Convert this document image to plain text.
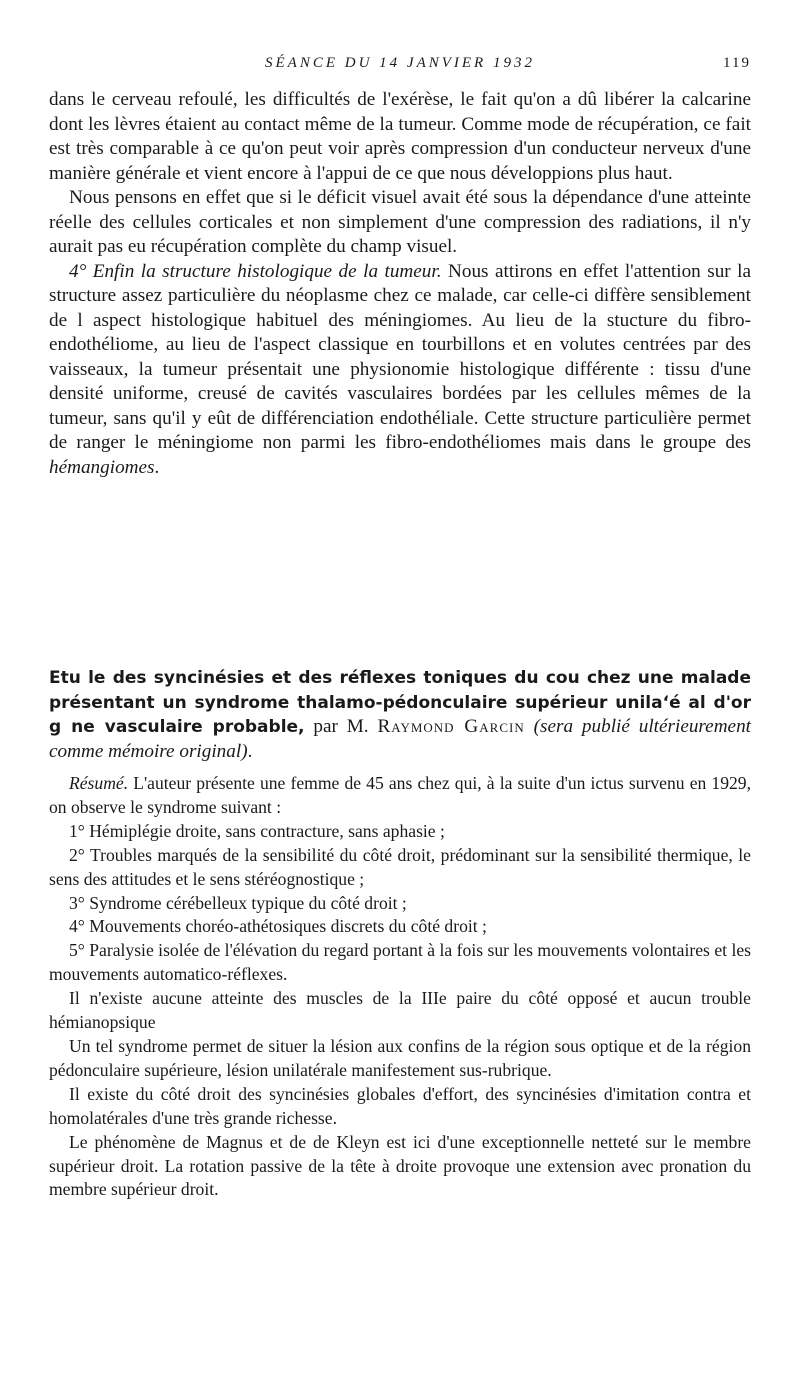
SÉANCE DU 14 JANVIER 1932	119

dans le cerveau refoulé, les difficultés de l'exérèse, le fait qu'on a dû libérer la calcarine dont les lèvres étaient au contact même de la tumeur. Comme mode de récupération, ce fait est très comparable à ce qu'on peut voir après compression d'un conducteur nerveux d'une manière générale et vient encore à l'appui de ce que nous développions plus haut.

Nous pensons en effet que si le déficit visuel avait été sous la dépendance d'une atteinte réelle des cellules corticales et non simplement d'une compression des radiations, il n'y aurait pas eu récupération complète du champ visuel.

4° Enfin la structure histologique de la tumeur. Nous attirons en effet l'attention sur la structure assez particulière du néoplasme chez ce malade, car celle-ci diffère sensiblement de l aspect histologique habituel des méningiomes. Au lieu de la stucture du fibro-endothéliome, au lieu de l'aspect classique en tourbillons et en volutes centrées par des vaisseaux, la tumeur présentait une physionomie histologique différente : tissu d'une densité uniforme, creusé de cavités vasculaires bordées par les cellules mêmes de la tumeur, sans qu'il y eût de différenciation endothéliale. Cette structure particulière permet de ranger le méningiome non parmi les fibro-endothéliomes mais dans le groupe des hémangiomes.

Etu le des syncinésies et des réflexes toniques du cou chez une malade présentant un syndrome thalamo-pédonculaire supérieur unila‘é al d'or g ne vasculaire probable, par M. Raymond Garcin (sera publié ultérieurement comme mémoire original).

Résumé. L'auteur présente une femme de 45 ans chez qui, à la suite d'un ictus survenu en 1929, on observe le syndrome suivant :

1° Hémiplégie droite, sans contracture, sans aphasie ;

2° Troubles marqués de la sensibilité du côté droit, prédominant sur la sensibilité thermique, le sens des attitudes et le sens stéréognostique ;

3° Syndrome cérébelleux typique du côté droit ;

4° Mouvements choréo-athétosiques discrets du côté droit ;

5° Paralysie isolée de l'élévation du regard portant à la fois sur les mouvements volontaires et les mouvements automatico-réflexes.

Il n'existe aucune atteinte des muscles de la IIIe paire du côté opposé et aucun trouble hémianopsique

Un tel syndrome permet de situer la lésion aux confins de la région sous optique et de la région pédonculaire supérieure, lésion unilatérale manifestement sus-rubrique.

Il existe du côté droit des syncinésies globales d'effort, des syncinésies d'imitation contra et homolatérales d'une très grande richesse.

Le phénomène de Magnus et de de Kleyn est ici d'une exceptionnelle netteté sur le membre supérieur droit. La rotation passive de la tête à droite provoque une extension avec pronation du membre supérieur droit.
